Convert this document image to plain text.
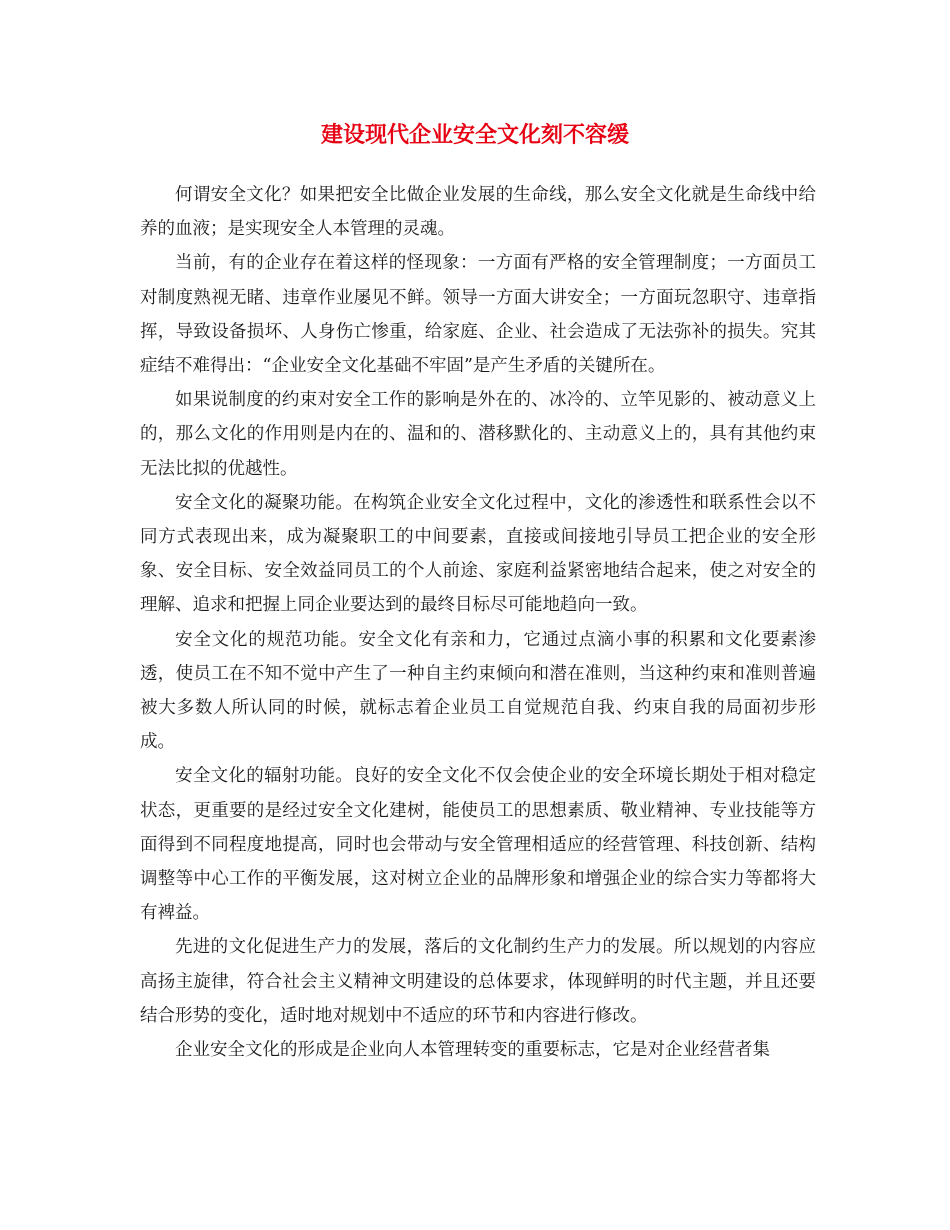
建设现代企业安全文化刻不容缓

何谓安全文化？如果把安全比做企业发展的生命线，那么安全文化就是生命线中给养的血液；是实现安全人本管理的灵魂。

当前，有的企业存在着这样的怪现象：一方面有严格的安全管理制度；一方面员工对制度熟视无睹、违章作业屡见不鲜。领导一方面大讲安全；一方面玩忽职守、违章指挥，导致设备损坏、人身伤亡惨重，给家庭、企业、社会造成了无法弥补的损失。究其症结不难得出：“企业安全文化基础不牢固”是产生矛盾的关键所在。

如果说制度的约束对安全工作的影响是外在的、冰冷的、立竿见影的、被动意义上的，那么文化的作用则是内在的、温和的、潜移默化的、主动意义上的，具有其他约束无法比拟的优越性。

安全文化的凝聚功能。在构筑企业安全文化过程中，文化的渗透性和联系性会以不同方式表现出来，成为凝聚职工的中间要素，直接或间接地引导员工把企业的安全形象、安全目标、安全效益同员工的个人前途、家庭利益紧密地结合起来，使之对安全的理解、追求和把握上同企业要达到的最终目标尽可能地趋向一致。

安全文化的规范功能。安全文化有亲和力，它通过点滴小事的积累和文化要素渗透，使员工在不知不觉中产生了一种自主约束倾向和潜在准则，当这种约束和准则普遍被大多数人所认同的时候，就标志着企业员工自觉规范自我、约束自我的局面初步形成。

安全文化的辐射功能。良好的安全文化不仅会使企业的安全环境长期处于相对稳定状态，更重要的是经过安全文化建树，能使员工的思想素质、敬业精神、专业技能等方面得到不同程度地提高，同时也会带动与安全管理相适应的经营管理、科技创新、结构调整等中心工作的平衡发展，这对树立企业的品牌形象和增强企业的综合实力等都将大有裨益。

先进的文化促进生产力的发展，落后的文化制约生产力的发展。所以规划的内容应高扬主旋律，符合社会主义精神文明建设的总体要求，体现鲜明的时代主题，并且还要结合形势的变化，适时地对规划中不适应的环节和内容进行修改。

企业安全文化的形成是企业向人本管理转变的重要标志，它是对企业经营者集
